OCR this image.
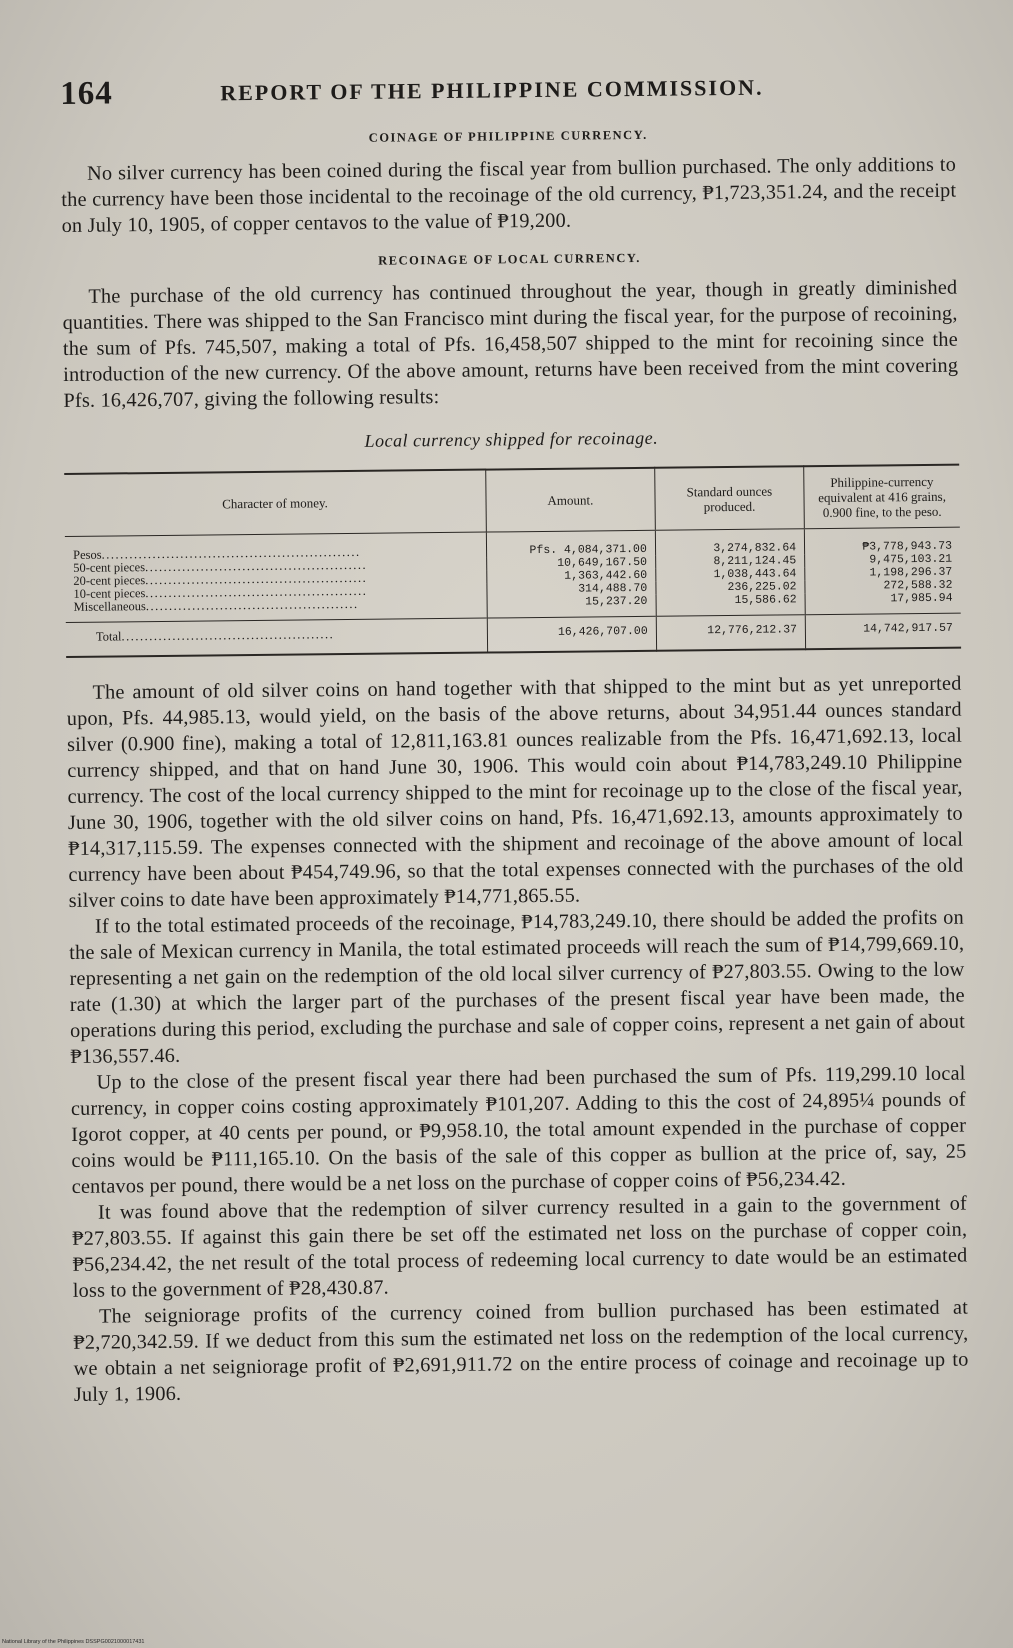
164	REPORT OF THE PHILIPPINE COMMISSION.
COINAGE OF PHILIPPINE CURRENCY.

No silver currency has been coined during the fiscal year from bullion purchased. The only additions to the currency have been those incidental to the recoinage of the old currency, ₱1,723,351.24, and the receipt on July 10, 1905, of copper centavos to the value of ₱19,200.

RECOINAGE OF LOCAL CURRENCY.

The purchase of the old currency has continued throughout the year, though in greatly diminished quantities. There was shipped to the San Francisco mint during the fiscal year, for the purpose of recoining, the sum of Pfs. 745,507, making a total of Pfs. 16,458,507 shipped to the mint for recoining since the introduction of the new currency. Of the above amount, returns have been received from the mint covering Pfs. 16,426,707, giving the following results:

Local currency shipped for recoinage.
Character of money.	Amount.	Standard ounces produced.	Philippine-currency equivalent at 416 grains, 0.900 fine, to the peso.
Pesos........................................................	Pfs. 4,084,371.00	3,274,832.64	₱3,778,943.73
50-cent pieces................................................	10,649,167.50	8,211,124.45	9,475,103.21
20-cent pieces................................................	1,363,442.60	1,038,443.64	1,198,296.37
10-cent pieces................................................	314,488.70	236,225.02	272,588.32
Miscellaneous..............................................	15,237.20	15,586.62	17,985.94
Total..............................................	16,426,707.00	12,776,212.37	14,742,917.57

The amount of old silver coins on hand together with that shipped to the mint but as yet unreported upon, Pfs. 44,985.13, would yield, on the basis of the above returns, about 34,951.44 ounces standard silver (0.900 fine), making a total of 12,811,163.81 ounces realizable from the Pfs. 16,471,692.13, local currency shipped, and that on hand June 30, 1906. This would coin about ₱14,783,249.10 Philippine currency. The cost of the local currency shipped to the mint for recoinage up to the close of the fiscal year, June 30, 1906, together with the old silver coins on hand, Pfs. 16,471,692.13, amounts approximately to ₱14,317,115.59. The expenses connected with the shipment and recoinage of the above amount of local currency have been about ₱454,749.96, so that the total expenses connected with the purchases of the old silver coins to date have been approximately ₱14,771,865.55.

If to the total estimated proceeds of the recoinage, ₱14,783,249.10, there should be added the profits on the sale of Mexican currency in Manila, the total estimated proceeds will reach the sum of ₱14,799,669.10, representing a net gain on the redemption of the old local silver currency of ₱27,803.55. Owing to the low rate (1.30) at which the larger part of the purchases of the present fiscal year have been made, the operations during this period, excluding the purchase and sale of copper coins, represent a net gain of about ₱136,557.46.

Up to the close of the present fiscal year there had been purchased the sum of Pfs. 119,299.10 local currency, in copper coins costing approximately ₱101,207. Adding to this the cost of 24,895¼ pounds of Igorot copper, at 40 cents per pound, or ₱9,958.10, the total amount expended in the purchase of copper coins would be ₱111,165.10. On the basis of the sale of this copper as bullion at the price of, say, 25 centavos per pound, there would be a net loss on the purchase of copper coins of ₱56,234.42.

It was found above that the redemption of silver currency resulted in a gain to the government of ₱27,803.55. If against this gain there be set off the estimated net loss on the purchase of copper coin, ₱56,234.42, the net result of the total process of redeeming local currency to date would be an estimated loss to the government of ₱28,430.87.

The seigniorage profits of the currency coined from bullion purchased has been estimated at ₱2,720,342.59. If we deduct from this sum the estimated net loss on the redemption of the local currency, we obtain a net seigniorage profit of ₱2,691,911.72 on the entire process of coinage and recoinage up to July 1, 1906.

National Library of the Philippines DSSPG0021000017431
